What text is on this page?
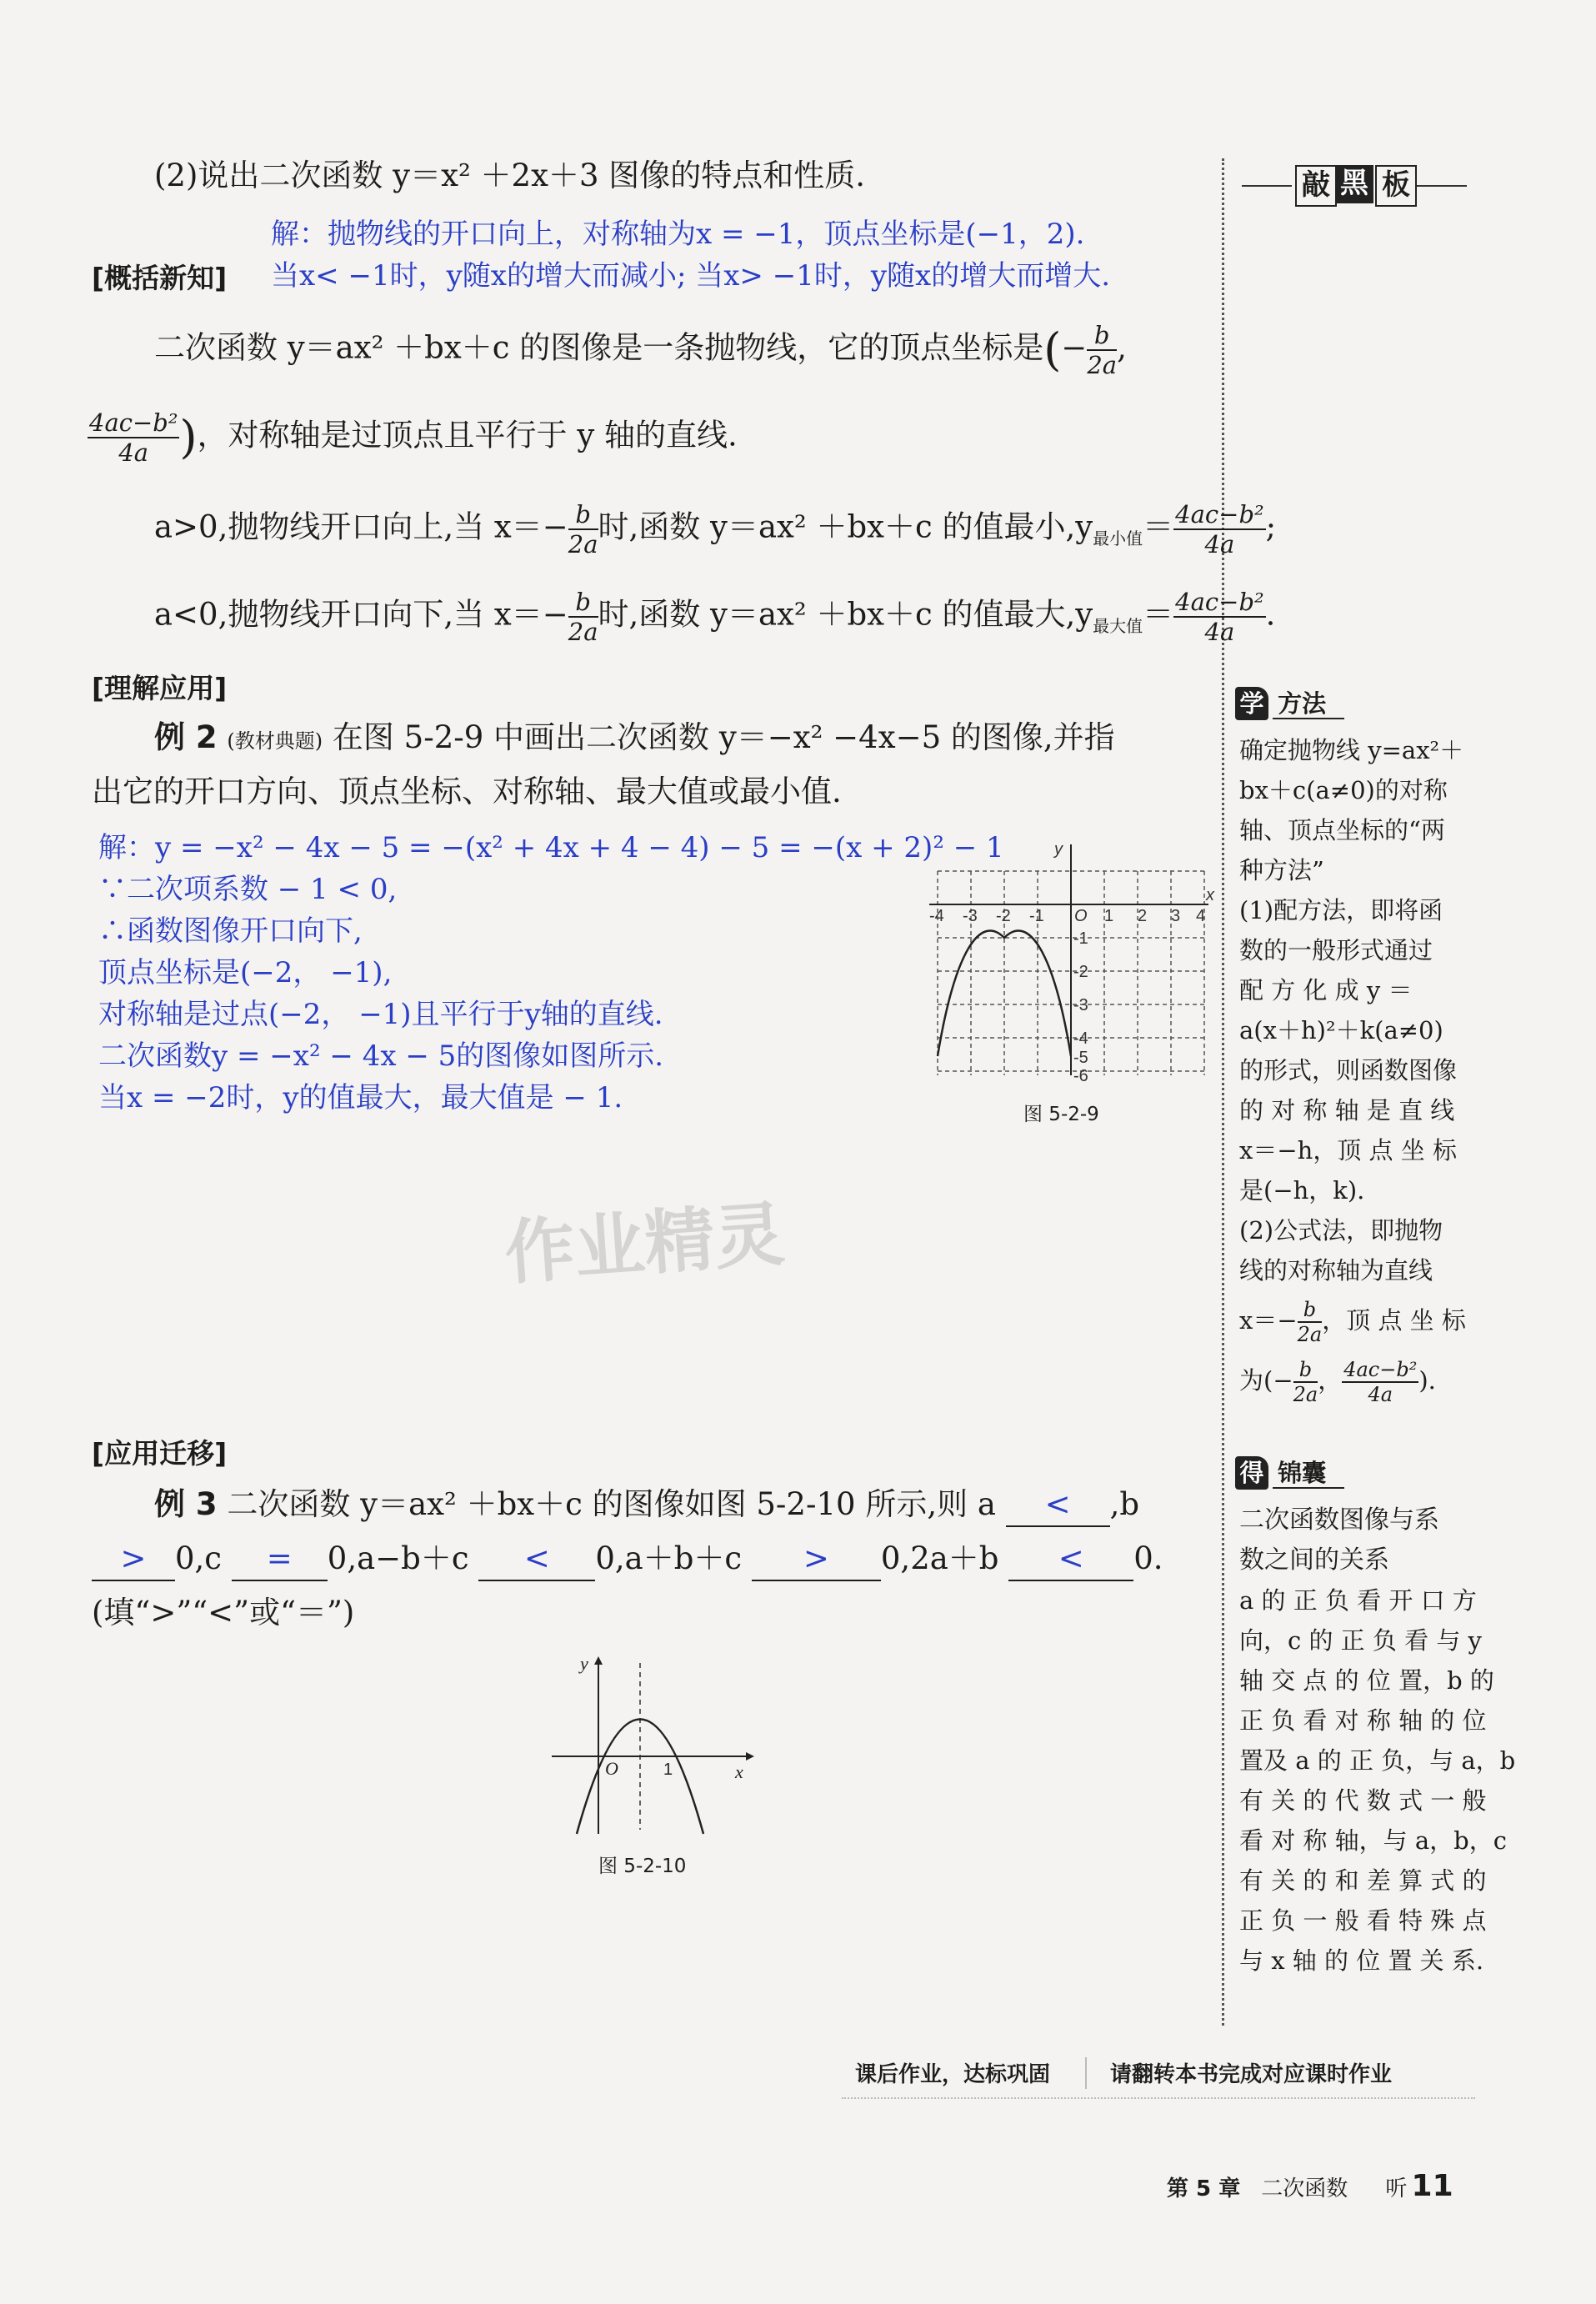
敲 黑 板
(2)说出二次函数 y＝x² ＋2x＋3 图像的特点和性质.
解：抛物线的开口向上，对称轴为x = −1，顶点坐标是(−1，2).
[概括新知] 当x< −1时，y随x的增大而减小; 当x> −1时，y随x的增大而增大.
二次函数 y＝ax² ＋bx＋c 的图像是一条抛物线，它的顶点坐标是(− $\frac{b}{2a}$ ,
$\frac{\text{4ac−b²}}{4a}$ )，对称轴是过顶点且平行于 y 轴的直线.
a>0,抛物线开口向上,当 $x=- \frac{b}{2a}$ 时,函数 y＝ax² ＋bx＋c 的值最小$,y_{最小值}= \frac{\text{4ac−b²}}{4a}$ ;
a<0,抛物线开口向下,当 $x=- \frac{b}{2a}$ 时,函数 y＝ax² ＋bx＋c 的值最大$,y_{最大值}= \frac{\text{4ac−b²}}{4a}$ .
[理解应用]
例 2 (教材典题) 在图 5-2-9 中画出二次函数 y＝−x² −4x−5 的图像,并指
出它的开口方向、顶点坐标、对称轴、最大值或最小值.
解：y = −x² − 4x − 5 = −(x² + 4x + 4 − 4) − 5 = −(x + 2)² − 1
∵二次项系数 − 1 < 0,
∴函数图像开口向下,
顶点坐标是(−2， −1),
对称轴是过点(−2， −1)且平行于y轴的直线.
二次函数y = −x² − 4x − 5的图像如图所示.
当x = −2时，y的值最大，最大值是 − 1.
-4 -3 -2 -1 O 1 2 3 4
x
y
-1
-2
-3
-4
-5
-6
图 5-2-9
作业精灵
[应用迁移]
例 3 二次函数 y＝ax² ＋bx＋c 的图像如图 5-2-10 所示,则 a < ,b
> 0,c = 0,a−b＋c < 0,a＋b＋c > 0,2a＋b < 0.
(填“>”“<”或“＝”)
y
x
O	1
图 5-2-10
学 方法
确定抛物线 y=ax²＋
bx＋c(a≠0)的对称
轴、顶点坐标的“两
种方法”
(1)配方法，即将函
数的一般形式通过
配 方 化 成 y ＝
a(x＋h)²＋k(a≠0)
的形式，则函数图像
的 对 称 轴 是 直 线
x＝−h，顶 点 坐 标
是(−h，k).
(2)公式法，即抛物
线的对称轴为直线
$x=- \frac{b}{2a}$ ，顶 点 坐 标
为(− $\frac{b}{2a}$ ， $\frac{\text{4ac−b²}}{4a}$ ).
得 锦囊
二次函数图像与系
数之间的关系
a 的 正 负 看 开 口 方
向，c 的 正 负 看 与 y
轴 交 点 的 位 置，b 的
正 负 看 对 称 轴 的 位
置及 a 的 正 负，与 a，b
有 关 的 代 数 式 一 般
看 对 称 轴，与 a，b，c
有 关 的 和 差 算 式 的
正 负 一 般 看 特 殊 点
与 x 轴 的 位 置 关 系.
课后作业，达标巩固	请翻转本书完成对应课时作业
第 5 章 二次函数 听 11
